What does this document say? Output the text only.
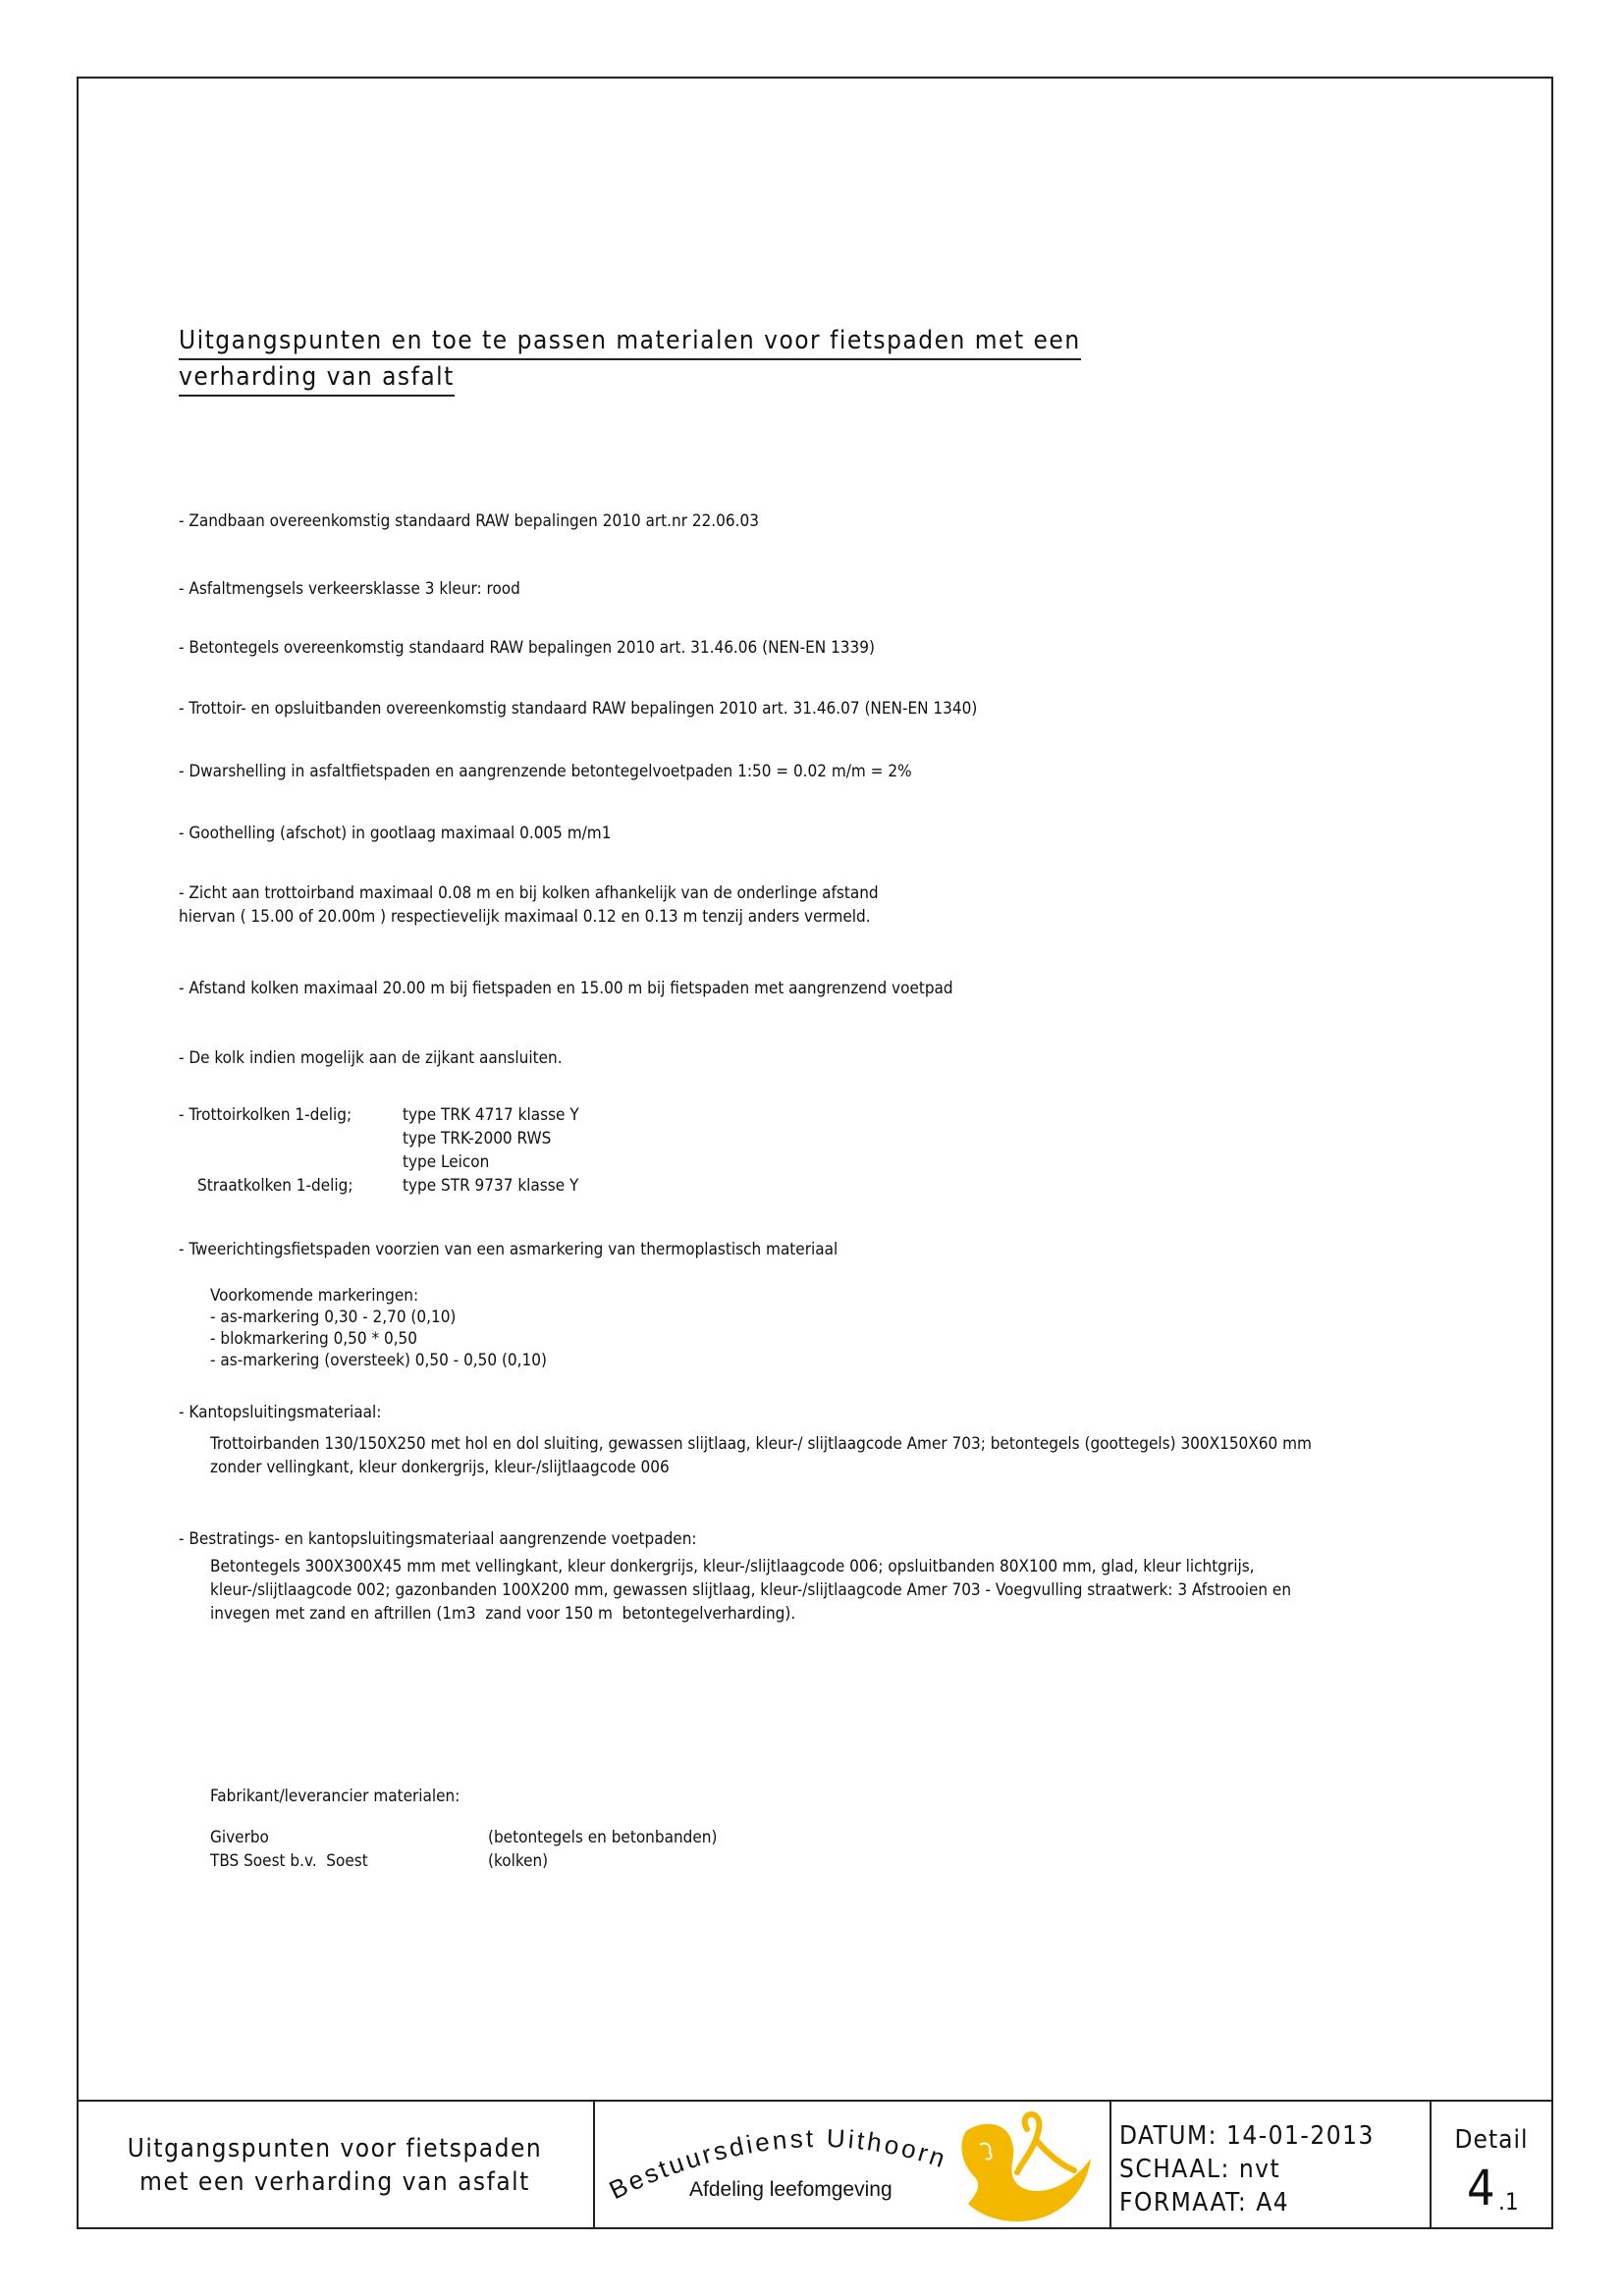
Uitgangspunten en toe te passen materialen voor fietspaden met een
verharding van asfalt
- Zandbaan overeenkomstig standaard RAW bepalingen 2010 art.nr 22.06.03
- Asfaltmengsels verkeersklasse 3 kleur: rood
- Betontegels overeenkomstig standaard RAW bepalingen 2010 art. 31.46.06 (NEN-EN 1339)
- Trottoir- en opsluitbanden overeenkomstig standaard RAW bepalingen 2010 art. 31.46.07 (NEN-EN 1340)
- Dwarshelling in asfaltfietspaden en aangrenzende betontegelvoetpaden 1:50 = 0.02 m/m = 2%
- Goothelling (afschot) in gootlaag maximaal 0.005 m/m1
- Zicht aan trottoirband maximaal 0.08 m en bij kolken afhankelijk van de onderlinge afstand
hiervan ( 15.00 of 20.00m ) respectievelijk maximaal 0.12 en 0.13 m tenzij anders vermeld.
- Afstand kolken maximaal 20.00 m bij fietspaden en 15.00 m bij fietspaden met aangrenzend voetpad
- De kolk indien mogelijk aan de zijkant aansluiten.
- Trottoirkolken 1-delig;	type TRK 4717 klasse Y
type TRK-2000 RWS
type Leicon
Straatkolken 1-delig;	type STR 9737 klasse Y
- Tweerichtingsfietspaden voorzien van een asmarkering van thermoplastisch materiaal
Voorkomende markeringen:
- as-markering 0,30 - 2,70 (0,10)
- blokmarkering 0,50 * 0,50
- as-markering (oversteek) 0,50 - 0,50 (0,10)
- Kantopsluitingsmateriaal:
Trottoirbanden 130/150X250 met hol en dol sluiting, gewassen slijtlaag, kleur-/ slijtlaagcode Amer 703; betontegels (goottegels) 300X150X60 mm
zonder vellingkant, kleur donkergrijs, kleur-/slijtlaagcode 006
- Bestratings- en kantopsluitingsmateriaal aangrenzende voetpaden:
Betontegels 300X300X45 mm met vellingkant, kleur donkergrijs, kleur-/slijtlaagcode 006; opsluitbanden 80X100 mm, glad, kleur lichtgrijs,
kleur-/slijtlaagcode 002; gazonbanden 100X200 mm, gewassen slijtlaag, kleur-/slijtlaagcode Amer 703 - Voegvulling straatwerk: 3 Afstrooien en
invegen met zand en aftrillen (1m3  zand voor 150 m  betontegelverharding).
Fabrikant/leverancier materialen:
Giverbo	(betontegels en betonbanden)
TBS Soest b.v.  Soest	(kolken)
Uitgangspunten voor fietspaden
met een verharding van asfalt	Bestuursdienst Uithoorn
Afdeling leefomgeving
DATUM: 14-01-2013
SCHAAL: nvt
FORMAAT: A4
Detail
4 .1
